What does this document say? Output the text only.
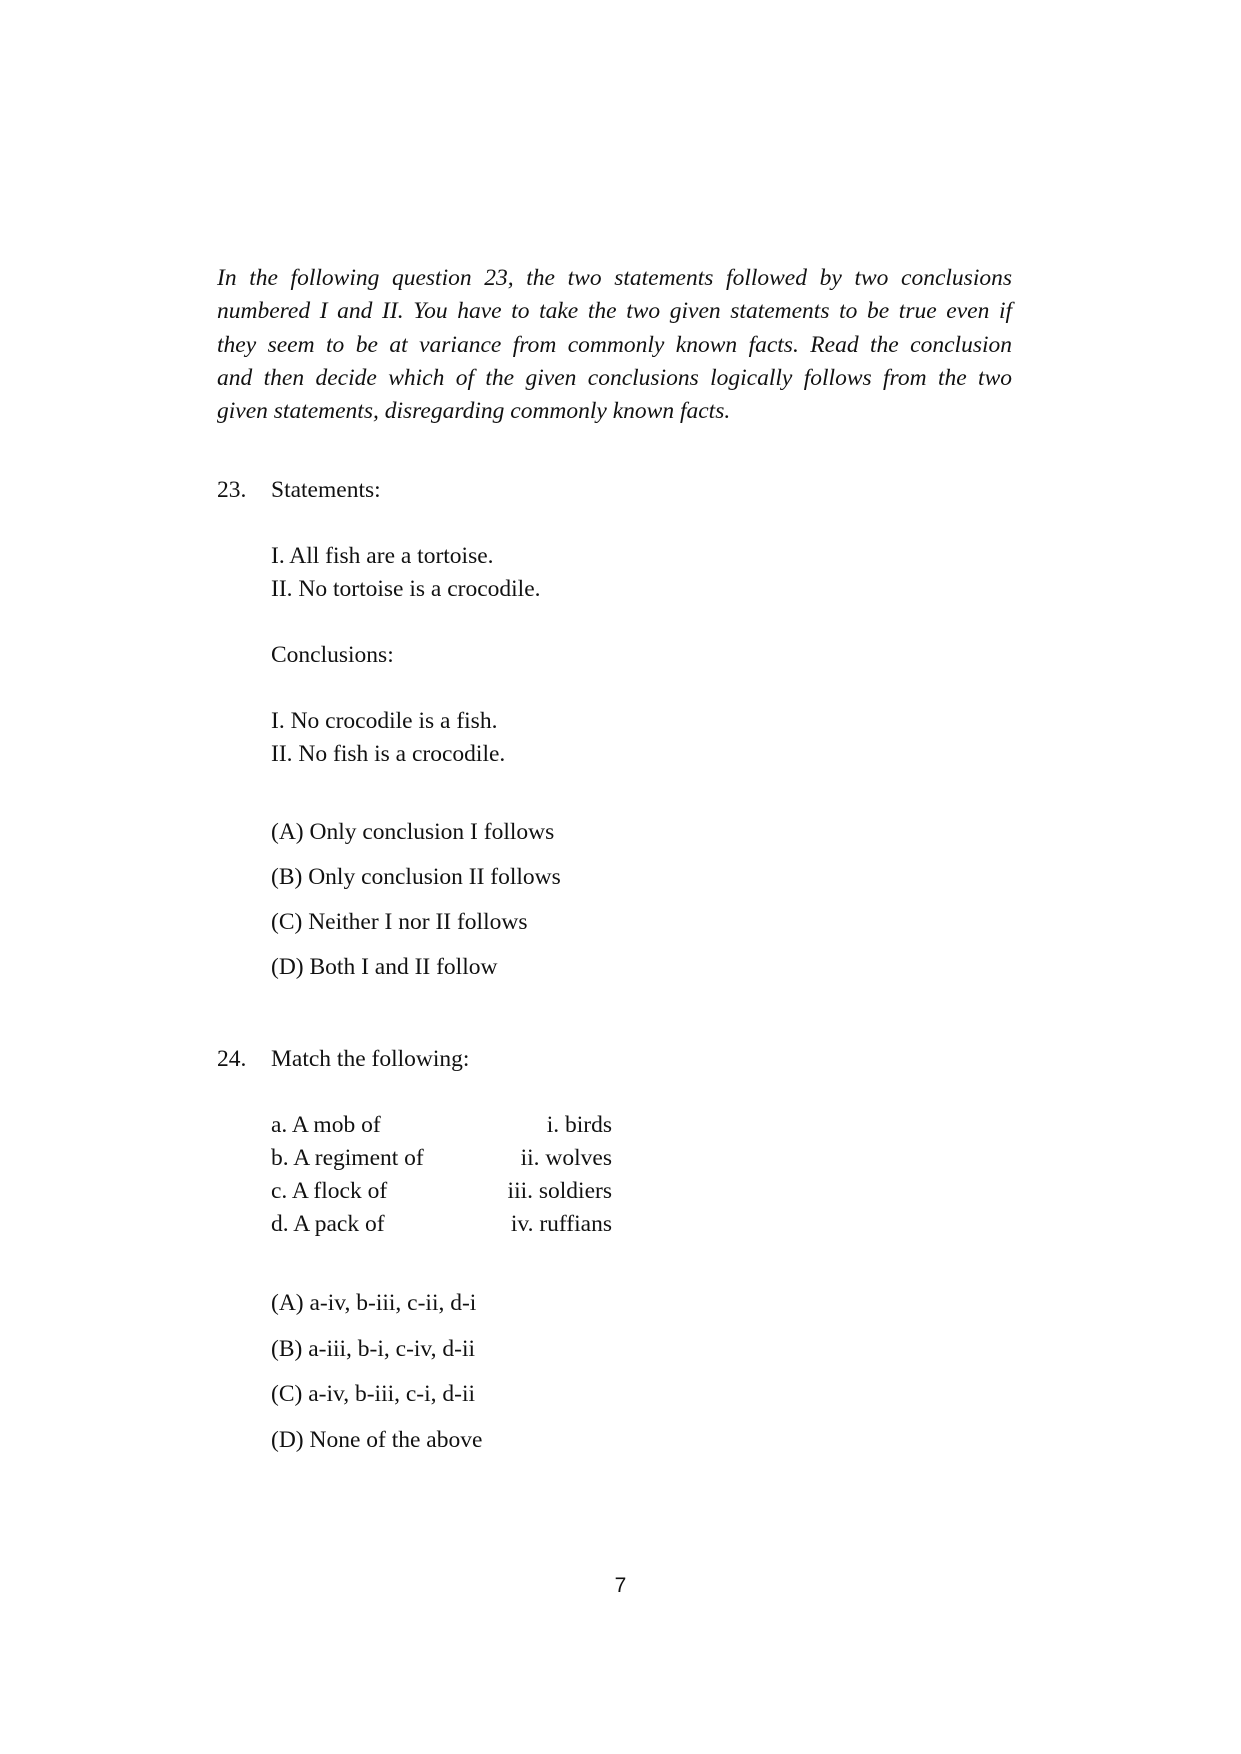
In the following question 23, the two statements followed by two conclusions
numbered I and II. You have to take the two given statements to be true even if
they seem to be at variance from commonly known facts. Read the conclusion
and then decide which of the given conclusions logically follows from the two
given statements, disregarding commonly known facts.
23. Statements:
I. All fish are a tortoise.
II. No tortoise is a crocodile.
Conclusions:
I. No crocodile is a fish.
II. No fish is a crocodile.
(A) Only conclusion I follows
(B) Only conclusion II follows
(C) Neither I nor II follows
(D) Both I and II follow
24. Match the following:
a. A mob of
b. A regiment of
c. A flock of
d. A pack of
i. birds
ii. wolves
iii. soldiers
iv. ruffians
(A) a-iv, b-iii, c-ii, d-i
(B) a-iii, b-i, c-iv, d-ii
(C) a-iv, b-iii, c-i, d-ii
(D) None of the above
7
